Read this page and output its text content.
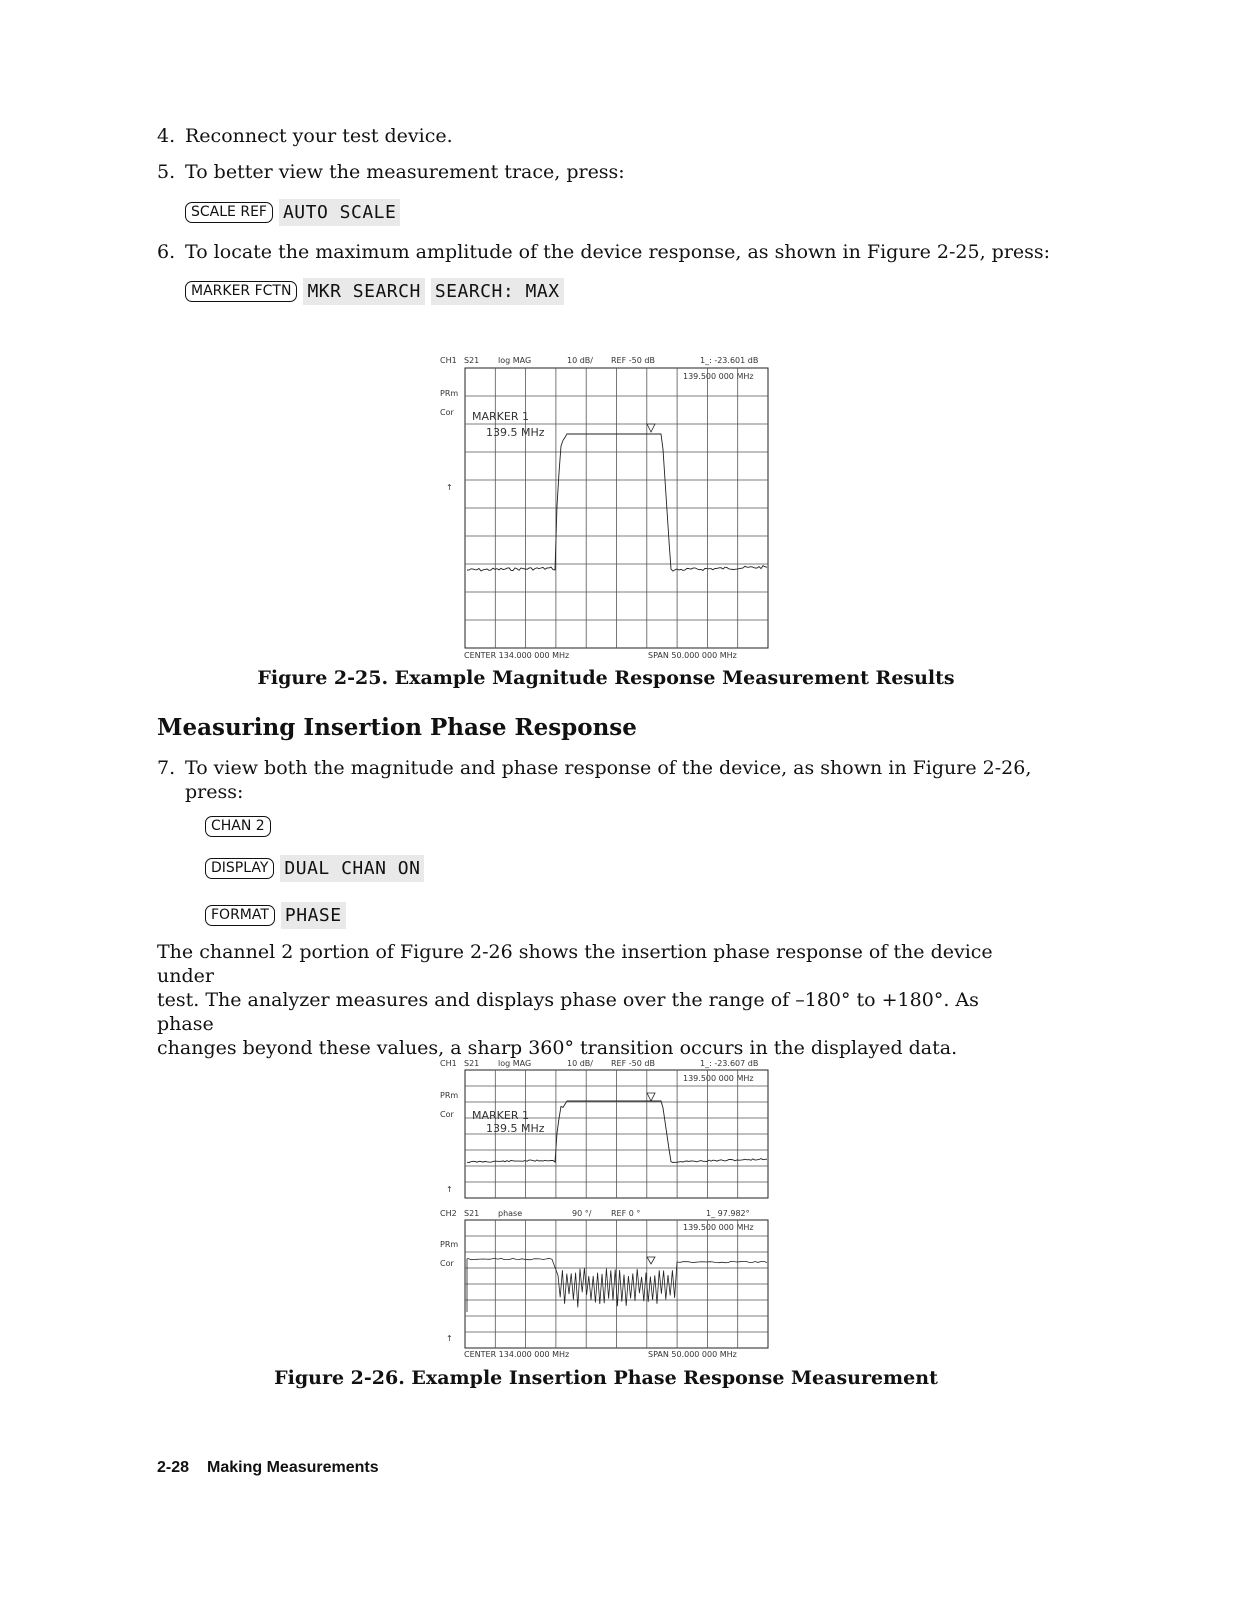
4. Reconnect your test device.
5. To better view the measurement trace, press:
SCALE REF AUTO SCALE
6. To locate the maximum amplitude of the device response, as shown in Figure 2-25, press:
MARKER FCTN MKR SEARCH SEARCH: MAX
CH1 S21 log MAG	10 dB/ REF -50 dB	1_: -23.601 dB
139.500 000 MHz
PRm
Cor
↑
CENTER 134.000 000 MHz	SPAN 50.000 000 MHz
MARKER 1
139.5 MHz
Figure 2-25. Example Magnitude Response Measurement Results
Measuring Insertion Phase Response
7. To view both the magnitude and phase response of the device, as shown in Figure 2-26,
press:
CHAN 2
DISPLAY DUAL CHAN ON
FORMAT PHASE
The channel 2 portion of Figure 2-26 shows the insertion phase response of the device under
test. The analyzer measures and displays phase over the range of –180° to +180°. As phase
changes beyond these values, a sharp 360° transition occurs in the displayed data.
CH1 S21 log MAG	10 dB/ REF -50 dB	1_: -23.607 dB
139.500 000 MHz
PRm
Cor
↑
CH2 S21 phase	90 °/ REF 0 °	1_ 97.982°
139.500 000 MHz
PRm
Cor
↑
CENTER 134.000 000 MHz	SPAN 50.000 000 MHz
MARKER 1
139.5 MHz
Figure 2-26. Example Insertion Phase Response Measurement
2-28 Making Measurements
